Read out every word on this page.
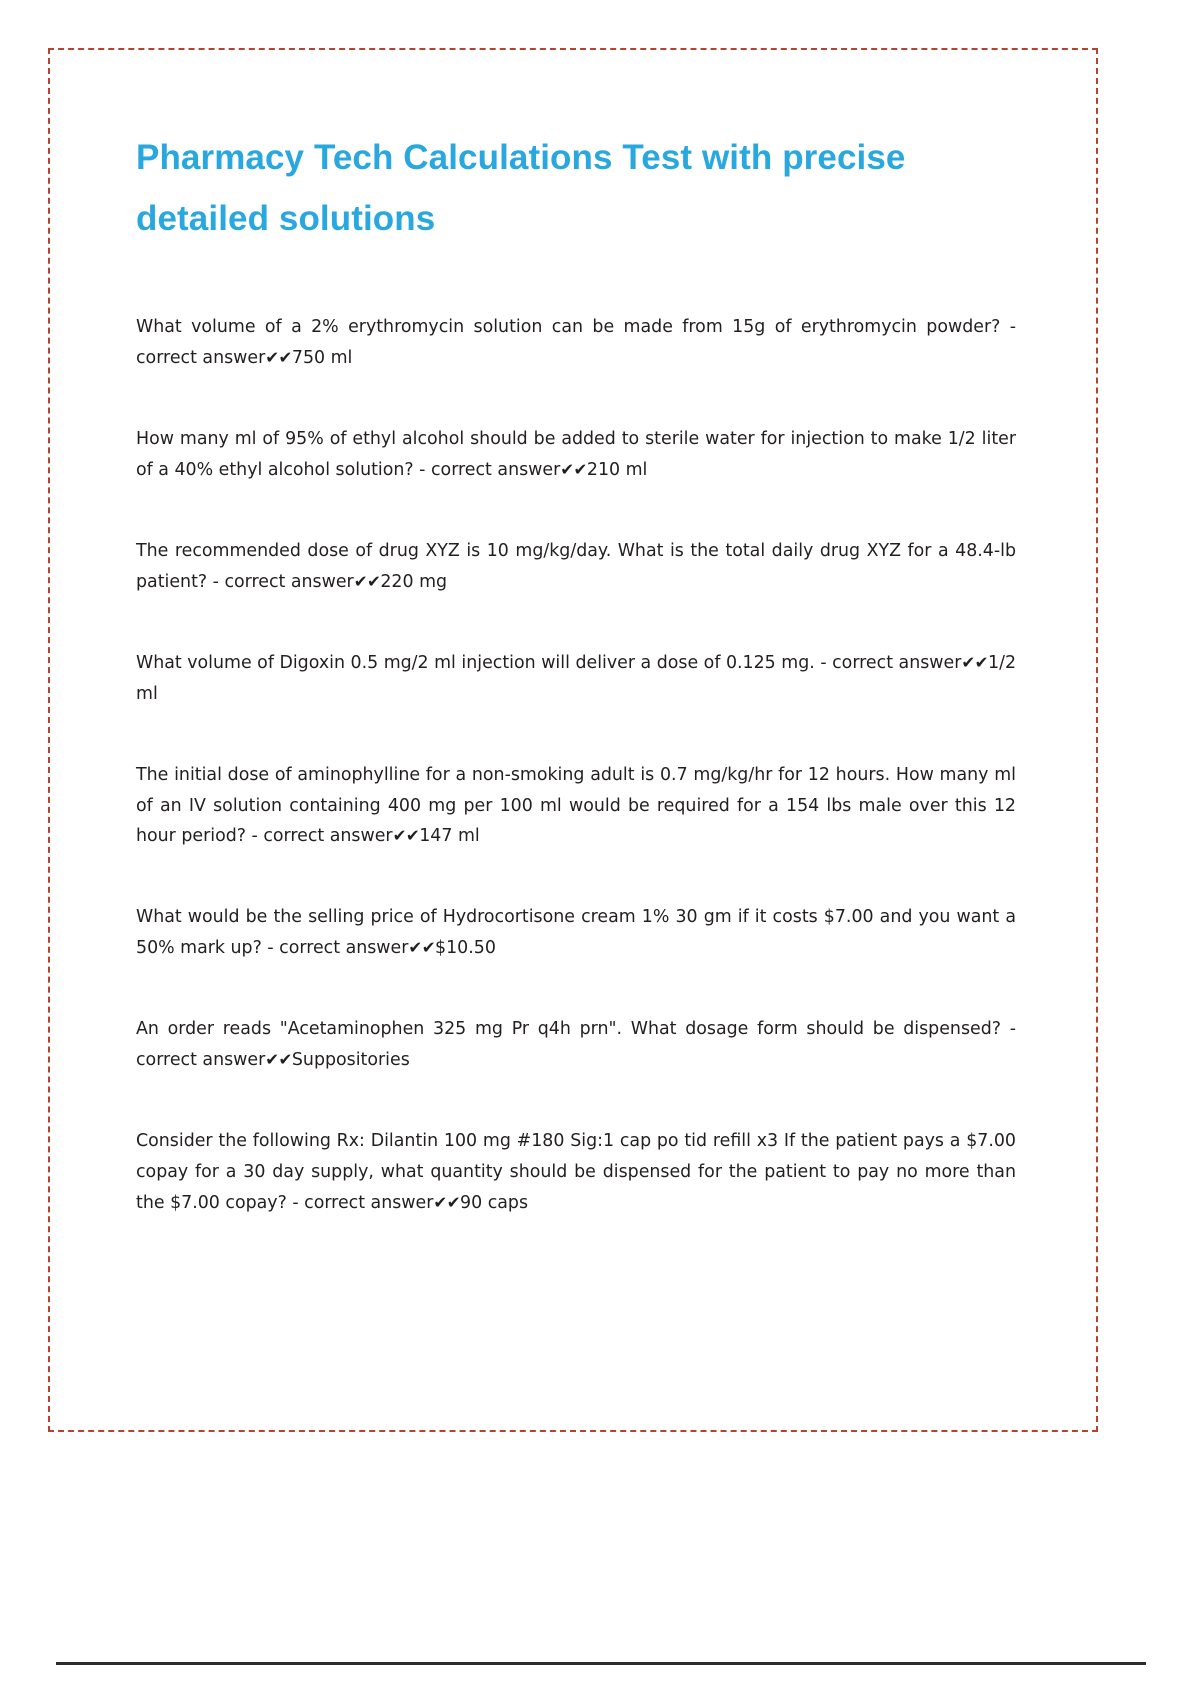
Pharmacy Tech Calculations Test with precise detailed solutions

What volume of a 2% erythromycin solution can be made from 15g of erythromycin powder? - correct answer✔✔750 ml

How many ml of 95% of ethyl alcohol should be added to sterile water for injection to make 1/2 liter of a 40% ethyl alcohol solution? - correct answer✔✔210 ml

The recommended dose of drug XYZ is 10 mg/kg/day. What is the total daily drug XYZ for a 48.4-lb patient? - correct answer✔✔220 mg

What volume of Digoxin 0.5 mg/2 ml injection will deliver a dose of 0.125 mg. - correct answer✔✔1/2 ml

The initial dose of aminophylline for a non-smoking adult is 0.7 mg/kg/hr for 12 hours. How many ml of an IV solution containing 400 mg per 100 ml would be required for a 154 lbs male over this 12 hour period? - correct answer✔✔147 ml

What would be the selling price of Hydrocortisone cream 1% 30 gm if it costs $7.00 and you want a 50% mark up? - correct answer✔✔$10.50

An order reads "Acetaminophen 325 mg Pr q4h prn". What dosage form should be dispensed? - correct answer✔✔Suppositories

Consider the following Rx: Dilantin 100 mg #180 Sig:1 cap po tid refill x3 If the patient pays a $7.00 copay for a 30 day supply, what quantity should be dispensed for the patient to pay no more than the $7.00 copay? - correct answer✔✔90 caps
